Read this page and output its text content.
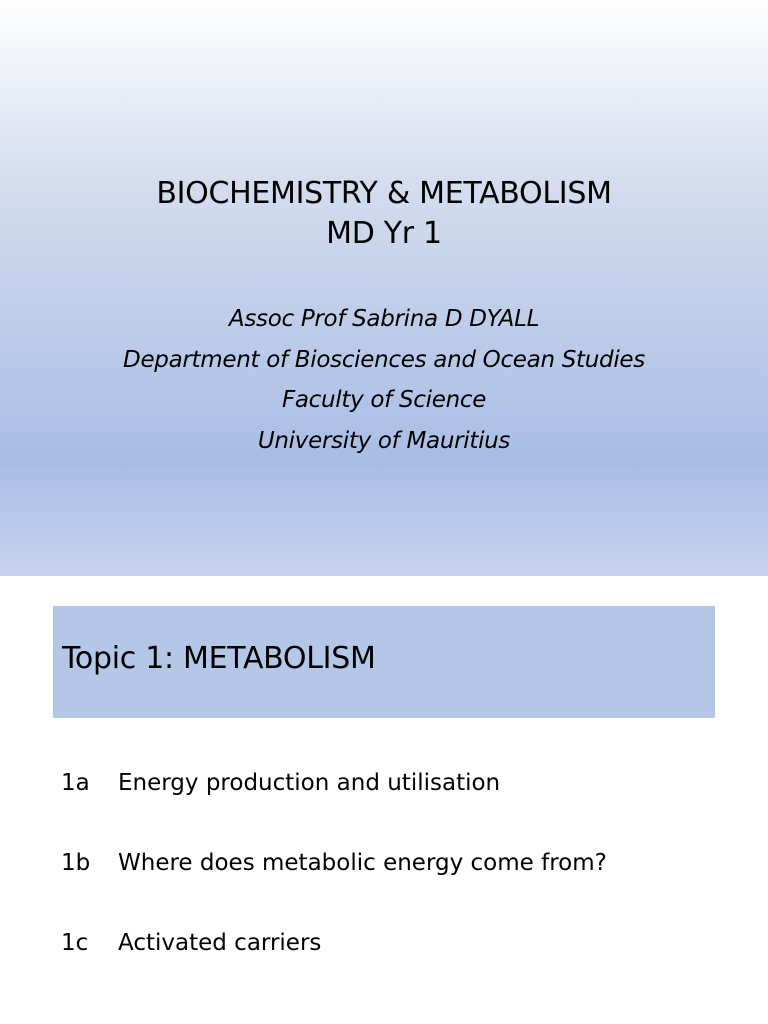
BIOCHEMISTRY & METABOLISM
MD Yr 1
Assoc Prof Sabrina D DYALL
Department of Biosciences and Ocean Studies
Faculty of Science
University of Mauritius
Topic 1: METABOLISM
1a Energy production and utilisation
1b Where does metabolic energy come from?
1c Activated carriers
